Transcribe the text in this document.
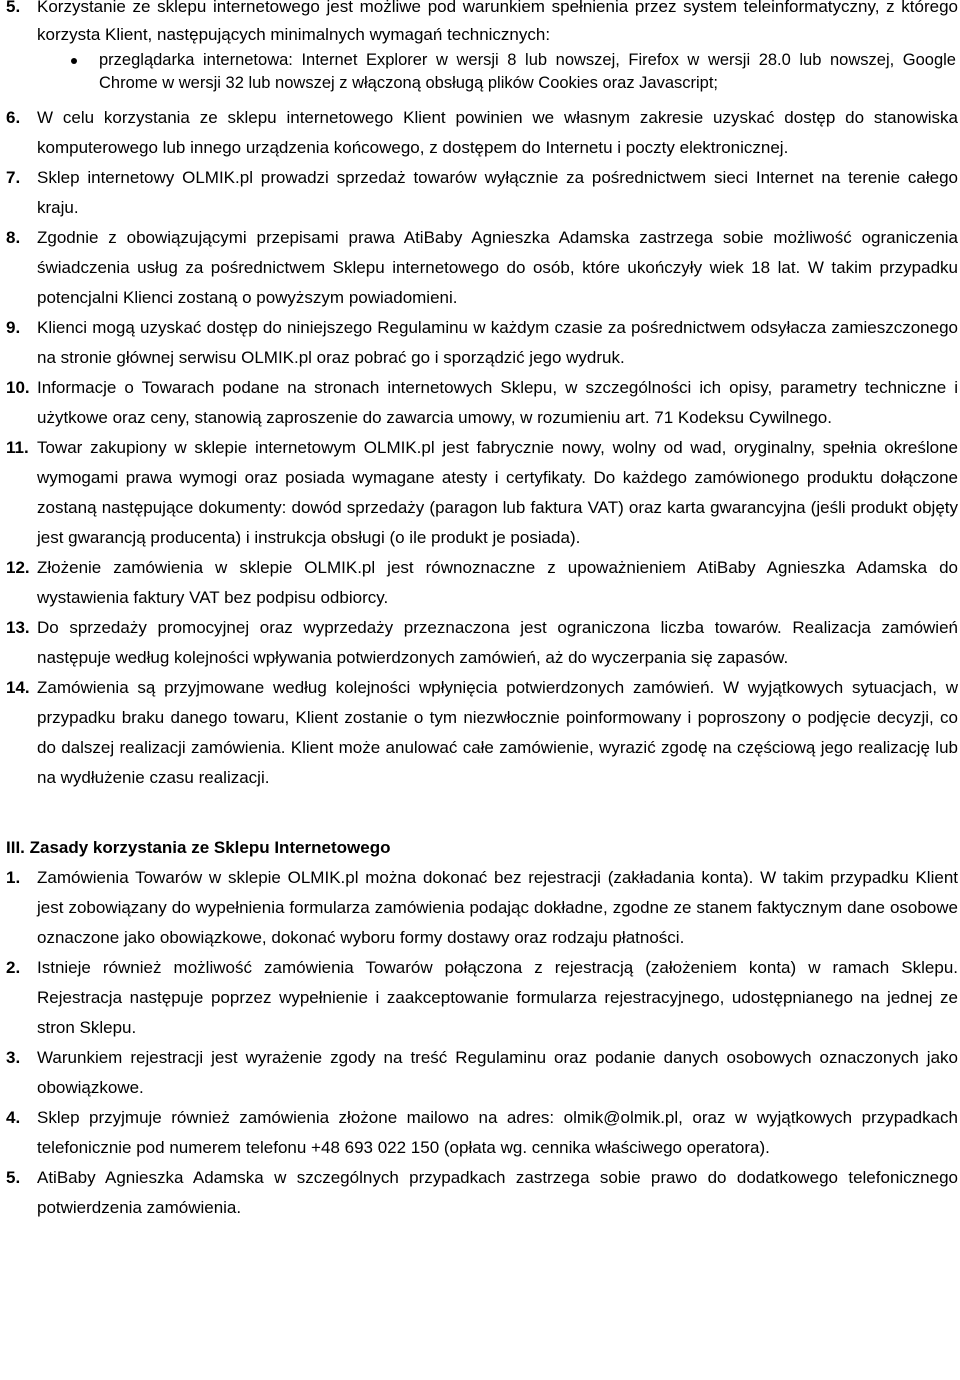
5. Korzystanie ze sklepu internetowego jest możliwe pod warunkiem spełnienia przez system teleinformatyczny, z którego korzysta Klient, następujących minimalnych wymagań technicznych:
przeglądarka internetowa: Internet Explorer w wersji 8 lub nowszej, Firefox w wersji 28.0 lub nowszej, Google Chrome w wersji 32 lub nowszej z włączoną obsługą plików Cookies oraz Javascript;
6. W celu korzystania ze sklepu internetowego Klient powinien we własnym zakresie uzyskać dostęp do stanowiska komputerowego lub innego urządzenia końcowego, z dostępem do Internetu i poczty elektronicznej.
7. Sklep internetowy OLMIK.pl prowadzi sprzedaż towarów wyłącznie za pośrednictwem sieci Internet na terenie całego kraju.
8. Zgodnie z obowiązującymi przepisami prawa AtiBaby Agnieszka Adamska zastrzega sobie możliwość ograniczenia świadczenia usług za pośrednictwem Sklepu internetowego do osób, które ukończyły wiek 18 lat. W takim przypadku potencjalni Klienci zostaną o powyższym powiadomieni.
9. Klienci mogą uzyskać dostęp do niniejszego Regulaminu w każdym czasie za pośrednictwem odsyłacza zamieszczonego na stronie głównej serwisu OLMIK.pl oraz pobrać go i sporządzić jego wydruk.
10. Informacje o Towarach podane na stronach internetowych Sklepu, w szczególności ich opisy, parametry techniczne i użytkowe oraz ceny, stanowią zaproszenie do zawarcia umowy, w rozumieniu art. 71 Kodeksu Cywilnego.
11. Towar zakupiony w sklepie internetowym OLMIK.pl jest fabrycznie nowy, wolny od wad, oryginalny, spełnia określone wymogami prawa wymogi oraz posiada wymagane atesty i certyfikaty. Do każdego zamówionego produktu dołączone zostaną następujące dokumenty: dowód sprzedaży (paragon lub faktura VAT) oraz karta gwarancyjna (jeśli produkt objęty jest gwarancją producenta) i instrukcja obsługi (o ile produkt je posiada).
12. Złożenie zamówienia w sklepie OLMIK.pl jest równoznaczne z upoważnieniem AtiBaby Agnieszka Adamska do wystawienia faktury VAT bez podpisu odbiorcy.
13. Do sprzedaży promocyjnej oraz wyprzedaży przeznaczona jest ograniczona liczba towarów. Realizacja zamówień następuje według kolejności wpływania potwierdzonych zamówień, aż do wyczerpania się zapasów.
14. Zamówienia są przyjmowane według kolejności wpłynięcia potwierdzonych zamówień. W wyjątkowych sytuacjach, w przypadku braku danego towaru, Klient zostanie o tym niezwłocznie poinformowany i poproszony o podjęcie decyzji, co do dalszej realizacji zamówienia. Klient może anulować całe zamówienie, wyrazić zgodę na częściową jego realizację lub na wydłużenie czasu realizacji.
III. Zasady korzystania ze Sklepu Internetowego
1. Zamówienia Towarów w sklepie OLMIK.pl można dokonać bez rejestracji (zakładania konta). W takim przypadku Klient jest zobowiązany do wypełnienia formularza zamówienia podając dokładne, zgodne ze stanem faktycznym dane osobowe oznaczone jako obowiązkowe, dokonać wyboru formy dostawy oraz rodzaju płatności.
2. Istnieje również możliwość zamówienia Towarów połączona z rejestracją (założeniem konta) w ramach Sklepu. Rejestracja następuje poprzez wypełnienie i zaakceptowanie formularza rejestracyjnego, udostępnianego na jednej ze stron Sklepu.
3. Warunkiem rejestracji jest wyrażenie zgody na treść Regulaminu oraz podanie danych osobowych oznaczonych jako obowiązkowe.
4. Sklep przyjmuje również zamówienia złożone mailowo na adres: olmik@olmik.pl, oraz w wyjątkowych przypadkach telefonicznie pod numerem telefonu +48 693 022 150 (opłata wg. cennika właściwego operatora).
5. AtiBaby Agnieszka Adamska w szczególnych przypadkach zastrzega sobie prawo do dodatkowego telefonicznego potwierdzenia zamówienia.
